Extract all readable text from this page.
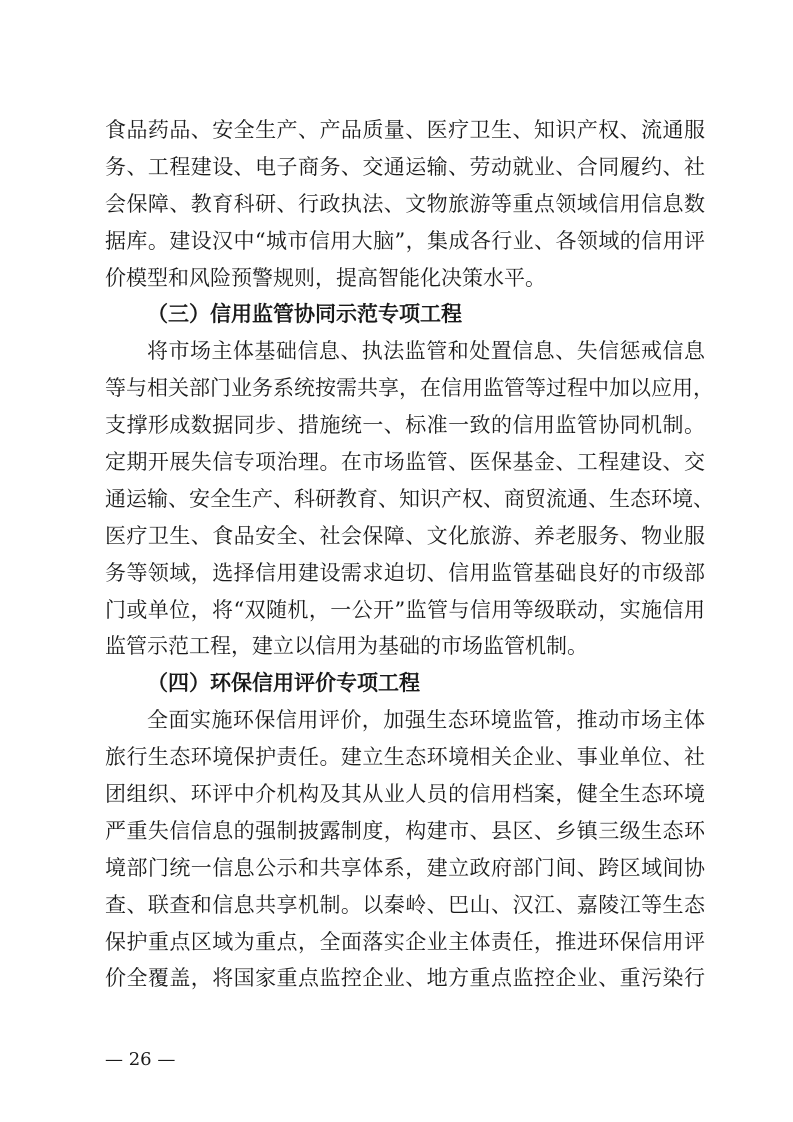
食品药品、安全生产、产品质量、医疗卫生、知识产权、流通服
务、工程建设、电子商务、交通运输、劳动就业、合同履约、社
会保障、教育科研、行政执法、文物旅游等重点领域信用信息数
据库。建设汉中“城市信用大脑”，集成各行业、各领域的信用评
价模型和风险预警规则，提高智能化决策水平。
（三）信用监管协同示范专项工程
将市场主体基础信息、执法监管和处置信息、失信惩戒信息
等与相关部门业务系统按需共享，在信用监管等过程中加以应用，
支撑形成数据同步、措施统一、标准一致的信用监管协同机制。
定期开展失信专项治理。在市场监管、医保基金、工程建设、交
通运输、安全生产、科研教育、知识产权、商贸流通、生态环境、
医疗卫生、食品安全、社会保障、文化旅游、养老服务、物业服
务等领域，选择信用建设需求迫切、信用监管基础良好的市级部
门或单位，将“双随机，一公开”监管与信用等级联动，实施信用
监管示范工程，建立以信用为基础的市场监管机制。
（四）环保信用评价专项工程
全面实施环保信用评价，加强生态环境监管，推动市场主体
旅行生态环境保护责任。建立生态环境相关企业、事业单位、社
团组织、环评中介机构及其从业人员的信用档案，健全生态环境
严重失信信息的强制披露制度，构建市、县区、乡镇三级生态环
境部门统一信息公示和共享体系，建立政府部门间、跨区域间协
查、联查和信息共享机制。以秦岭、巴山、汉江、嘉陵江等生态
保护重点区域为重点，全面落实企业主体责任，推进环保信用评
价全覆盖，将国家重点监控企业、地方重点监控企业、重污染行
— 26 —
